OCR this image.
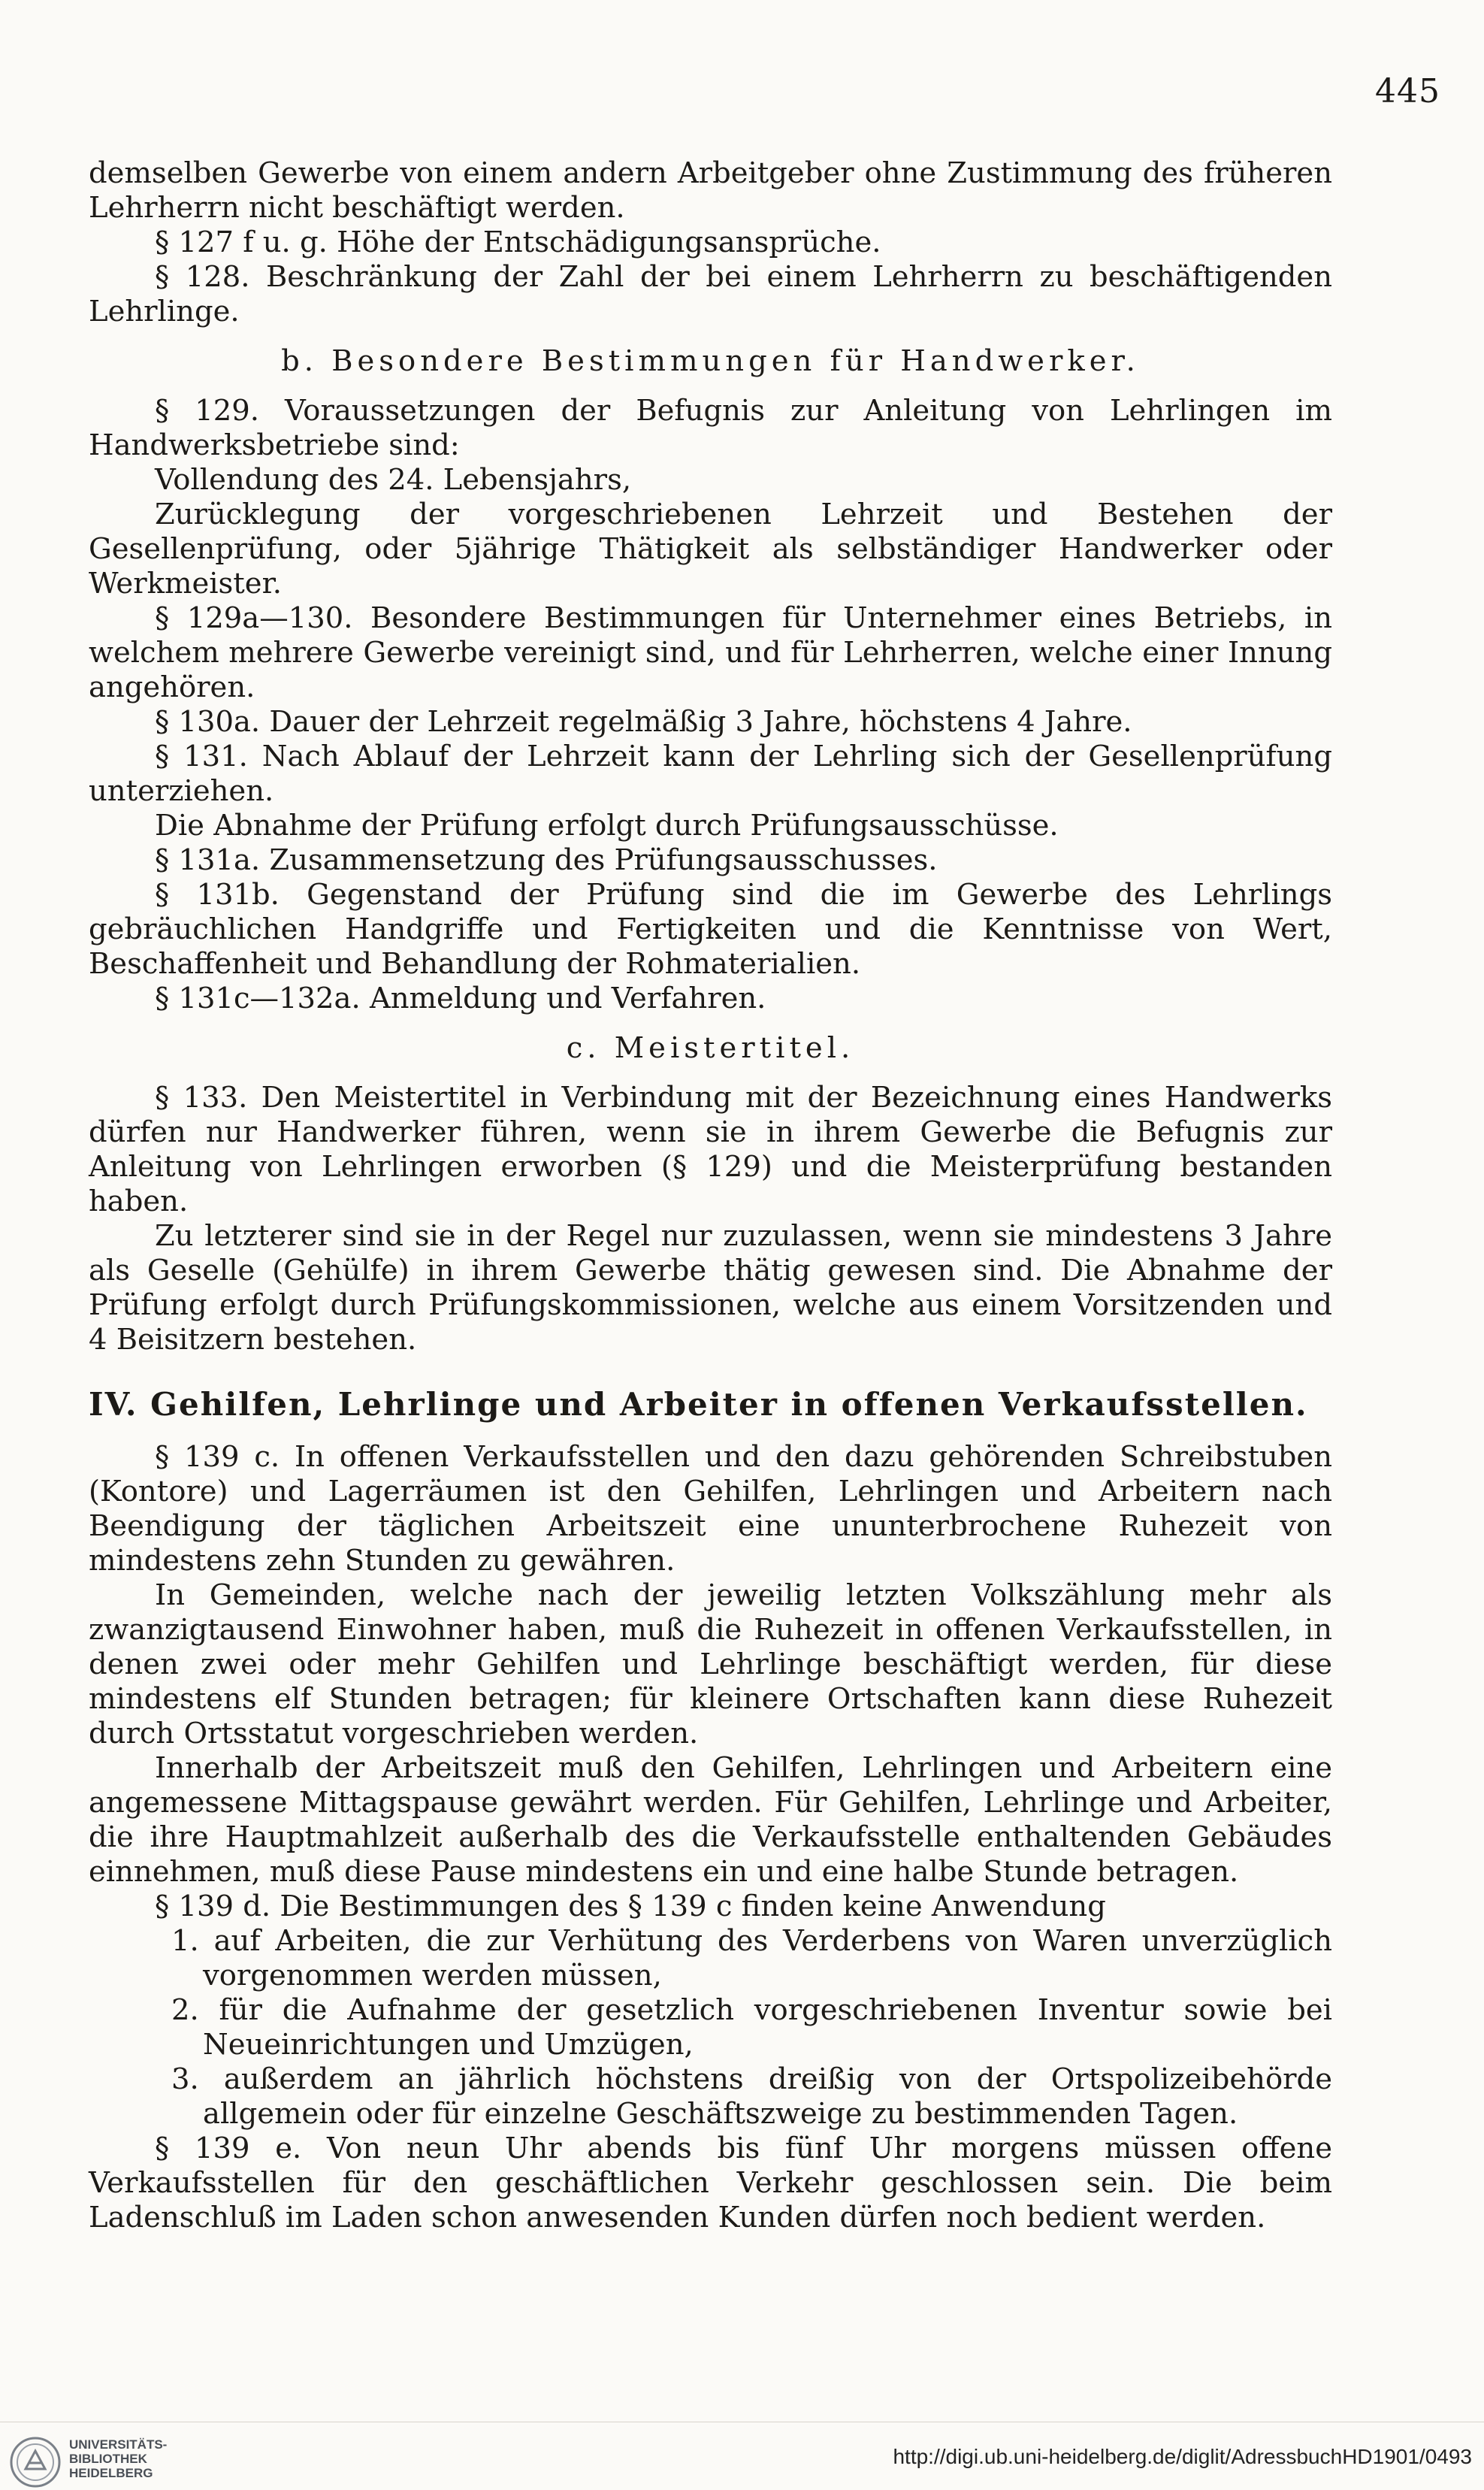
445

demselben Gewerbe von einem andern Arbeitgeber ohne Zustimmung des früheren Lehrherrn nicht beschäftigt werden.

§ 127 f u. g. Höhe der Entschädigungsansprüche.

§ 128. Beschränkung der Zahl der bei einem Lehrherrn zu beschäftigenden Lehrlinge.

b. Besondere Bestimmungen für Handwerker.

§ 129. Voraussetzungen der Befugnis zur Anleitung von Lehrlingen im Handwerksbetriebe sind:

Vollendung des 24. Lebensjahrs,

Zurücklegung der vorgeschriebenen Lehrzeit und Bestehen der Gesellenprüfung, oder 5jährige Thätigkeit als selbständiger Handwerker oder Werkmeister.

§ 129a—130. Besondere Bestimmungen für Unternehmer eines Betriebs, in welchem mehrere Gewerbe vereinigt sind, und für Lehrherren, welche einer Innung angehören.

§ 130a. Dauer der Lehrzeit regelmäßig 3 Jahre, höchstens 4 Jahre.

§ 131. Nach Ablauf der Lehrzeit kann der Lehrling sich der Gesellenprüfung unterziehen.

Die Abnahme der Prüfung erfolgt durch Prüfungsausschüsse.

§ 131a. Zusammensetzung des Prüfungsausschusses.

§ 131b. Gegenstand der Prüfung sind die im Gewerbe des Lehrlings gebräuchlichen Handgriffe und Fertigkeiten und die Kenntnisse von Wert, Beschaffenheit und Behandlung der Rohmaterialien.

§ 131c—132a. Anmeldung und Verfahren.

c. Meistertitel.

§ 133. Den Meistertitel in Verbindung mit der Bezeichnung eines Handwerks dürfen nur Handwerker führen, wenn sie in ihrem Gewerbe die Befugnis zur Anleitung von Lehrlingen erworben (§ 129) und die Meisterprüfung bestanden haben.

Zu letzterer sind sie in der Regel nur zuzulassen, wenn sie mindestens 3 Jahre als Geselle (Gehülfe) in ihrem Gewerbe thätig gewesen sind. Die Abnahme der Prüfung erfolgt durch Prüfungskommissionen, welche aus einem Vorsitzenden und 4 Beisitzern bestehen.

IV. Gehilfen, Lehrlinge und Arbeiter in offenen Verkaufsstellen.

§ 139 c. In offenen Verkaufsstellen und den dazu gehörenden Schreibstuben (Kontore) und Lagerräumen ist den Gehilfen, Lehrlingen und Arbeitern nach Beendigung der täglichen Arbeitszeit eine ununterbrochene Ruhezeit von mindestens zehn Stunden zu gewähren.

In Gemeinden, welche nach der jeweilig letzten Volkszählung mehr als zwanzigtausend Einwohner haben, muß die Ruhezeit in offenen Verkaufsstellen, in denen zwei oder mehr Gehilfen und Lehrlinge beschäftigt werden, für diese mindestens elf Stunden betragen; für kleinere Ortschaften kann diese Ruhezeit durch Ortsstatut vorgeschrieben werden.

Innerhalb der Arbeitszeit muß den Gehilfen, Lehrlingen und Arbeitern eine angemessene Mittagspause gewährt werden. Für Gehilfen, Lehrlinge und Arbeiter, die ihre Hauptmahlzeit außerhalb des die Verkaufsstelle enthaltenden Gebäudes einnehmen, muß diese Pause mindestens ein und eine halbe Stunde betragen.

§ 139 d. Die Bestimmungen des § 139 c finden keine Anwendung

1. auf Arbeiten, die zur Verhütung des Verderbens von Waren unverzüglich vorgenommen werden müssen,
2. für die Aufnahme der gesetzlich vorgeschriebenen Inventur sowie bei Neueinrichtungen und Umzügen,
3. außerdem an jährlich höchstens dreißig von der Ortspolizeibehörde allgemein oder für einzelne Geschäftszweige zu bestimmenden Tagen.

§ 139 e. Von neun Uhr abends bis fünf Uhr morgens müssen offene Verkaufsstellen für den geschäftlichen Verkehr geschlossen sein. Die beim Ladenschluß im Laden schon anwesenden Kunden dürfen noch bedient werden.

UNIVERSITÄTS-
BIBLIOTHEK
HEIDELBERG
http://digi.ub.uni-heidelberg.de/diglit/AdressbuchHD1901/0493
